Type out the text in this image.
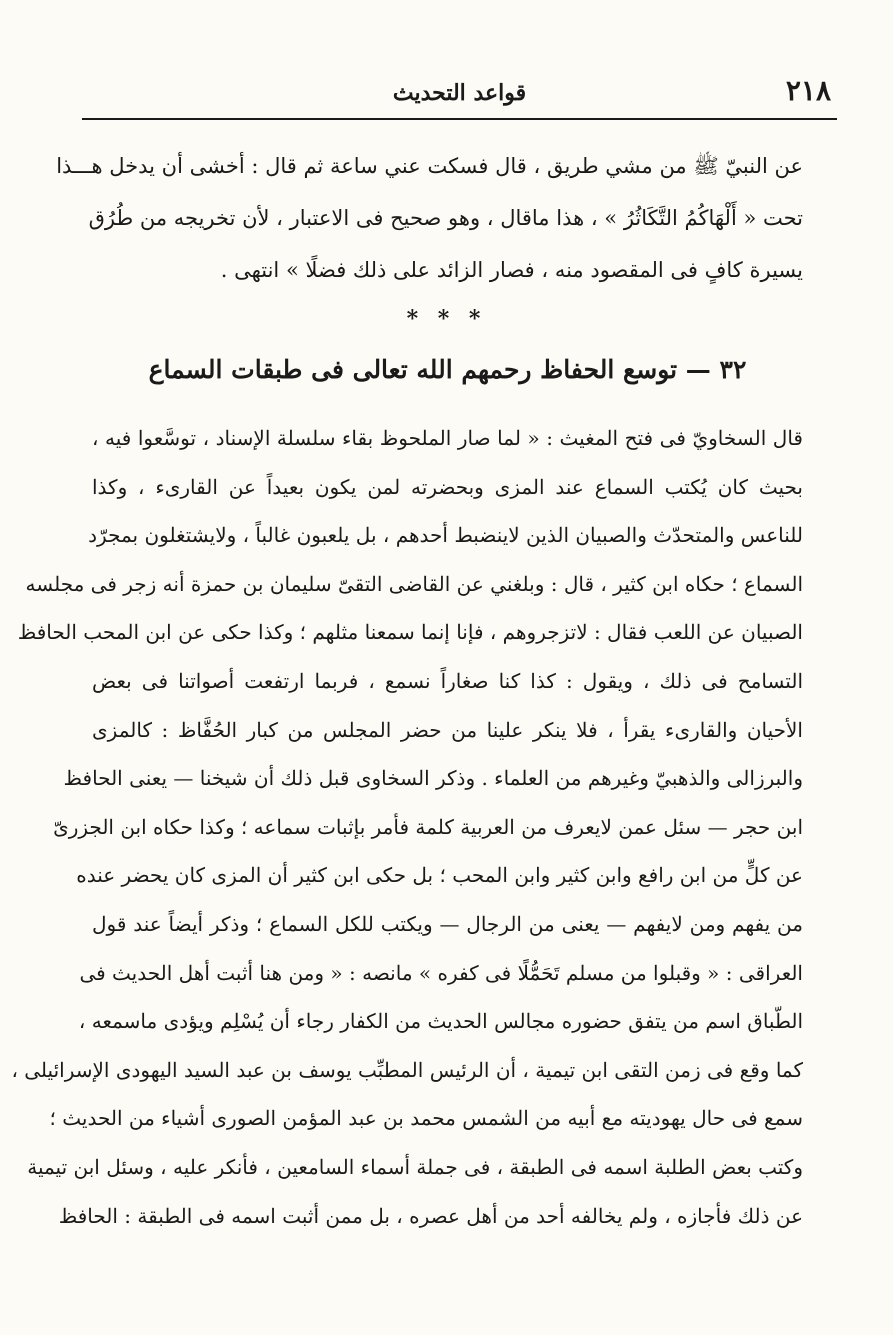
٢١٨
قواعد التحديث
عن النبيّ ﷺ من مشي طريق ، قال فسكت عني ساعة ثم قال : أخشى أن يدخل هـــذا
تحت « أَلْهَاكُمُ التَّكَاثُرُ » ، هذا ماقال ، وهو صحيح فى الاعتبار ، لأن تخريجه من طُرُق
يسيرة كافٍ فى المقصود منه ، فصار الزائد على ذلك فضلًا » انتهى .
* * *
٣٢ — توسع الحفاظ رحمهم الله تعالى فى طبقات السماع
قال السخاويّ فى فتح المغيث : « لما صار الملحوظ بقاء سلسلة الإسناد ، توسَّعوا فيه ،
بحيث كان يُكتب السماع عند المزى وبحضرته لمن يكون بعيداً عن القارىء ، وكذا
للناعس والمتحدّث والصبيان الذين لاينضبط أحدهم ، بل يلعبون غالباً ، ولايشتغلون بمجرّد
السماع ؛ حكاه ابن كثير ، قال : وبلغني عن القاضى التقىّ سليمان بن حمزة أنه زجر فى مجلسه
الصبيان عن اللعب فقال : لاتزجروهم ، فإنا إنما سمعنا مثلهم ؛ وكذا حكى عن ابن المحب الحافظ
التسامح فى ذلك ، ويقول : كذا كنا صغاراً نسمع ، فربما ارتفعت أصواتنا فى بعض
الأحيان والقارىء يقرأ ، فلا ينكر علينا من حضر المجلس من كبار الحُفَّاظ : كالمزى
والبرزالى والذهبيّ وغيرهم من العلماء . وذكر السخاوى قبل ذلك أن شيخنا — يعنى الحافظ
ابن حجر — سئل عمن لايعرف من العربية كلمة فأمر بإثبات سماعه ؛ وكذا حكاه ابن الجزرىّ
عن كلٍّ من ابن رافع وابن كثير وابن المحب ؛ بل حكى ابن كثير أن المزى كان يحضر عنده
من يفهم ومن لايفهم — يعنى من الرجال — ويكتب للكل السماع ؛ وذكر أيضاً عند قول
العراقى : « وقبلوا من مسلم تَحَمُّلًا فى كفره » مانصه : « ومن هنا أثبت أهل الحديث فى
الطّباق اسم من يتفق حضوره مجالس الحديث من الكفار رجاء أن يُسْلِم ويؤدى ماسمعه ،
كما وقع فى زمن التقى ابن تيمية ، أن الرئيس المطبِّب يوسف بن عبد السيد اليهودى الإسرائيلى ،
سمع فى حال يهوديته مع أبيه من الشمس محمد بن عبد المؤمن الصورى أشياء من الحديث ؛
وكتب بعض الطلبة اسمه فى الطبقة ، فى جملة أسماء السامعين ، فأنكر عليه ، وسئل ابن تيمية
عن ذلك فأجازه ، ولم يخالفه أحد من أهل عصره ، بل ممن أثبت اسمه فى الطبقة : الحافظ
